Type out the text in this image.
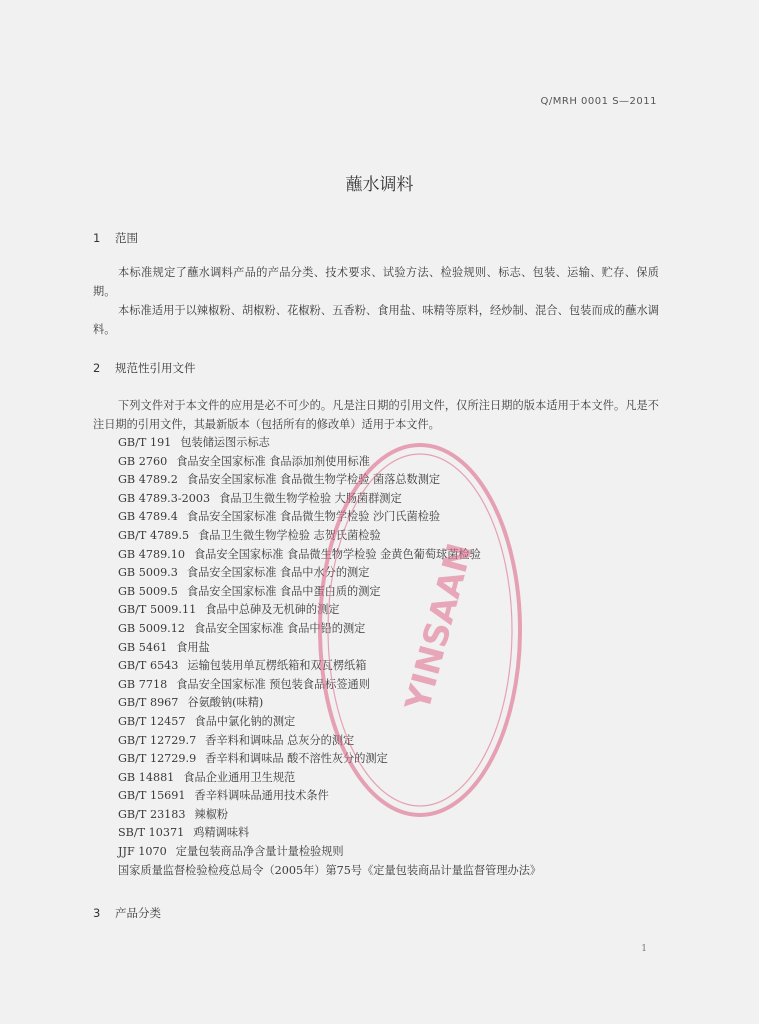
Q/MRH 0001 S—2011
蘸水调料
1 范围
本标准规定了蘸水调料产品的产品分类、技术要求、试验方法、检验规则、标志、包装、运输、贮存、保质期。
本标准适用于以辣椒粉、胡椒粉、花椒粉、五香粉、食用盐、味精等原料，经炒制、混合、包装而成的蘸水调料。
2 规范性引用文件
下列文件对于本文件的应用是必不可少的。凡是注日期的引用文件，仅所注日期的版本适用于本文件。凡是不注日期的引用文件，其最新版本（包括所有的修改单）适用于本文件。
GB/T 191 包装储运图示标志
GB 2760 食品安全国家标准 食品添加剂使用标准
GB 4789.2 食品安全国家标准 食品微生物学检验 菌落总数测定
GB 4789.3-2003 食品卫生微生物学检验 大肠菌群测定
GB 4789.4 食品安全国家标准 食品微生物学检验 沙门氏菌检验
GB/T 4789.5 食品卫生微生物学检验 志贺氏菌检验
GB 4789.10 食品安全国家标准 食品微生物学检验 金黄色葡萄球菌检验
GB 5009.3 食品安全国家标准 食品中水分的测定
GB 5009.5 食品安全国家标准 食品中蛋白质的测定
GB/T 5009.11 食品中总砷及无机砷的测定
GB 5009.12 食品安全国家标准 食品中铅的测定
GB 5461 食用盐
GB/T 6543 运输包装用单瓦楞纸箱和双瓦楞纸箱
GB 7718 食品安全国家标准 预包装食品标签通则
GB/T 8967 谷氨酸钠(味精)
GB/T 12457 食品中氯化钠的测定
GB/T 12729.7 香辛料和调味品 总灰分的测定
GB/T 12729.9 香辛料和调味品 酸不溶性灰分的测定
GB 14881 食品企业通用卫生规范
GB/T 15691 香辛料调味品通用技术条件
GB/T 23183 辣椒粉
SB/T 10371 鸡精调味料
JJF 1070 定量包装商品净含量计量检验规则
国家质量监督检验检疫总局令（2005年）第75号《定量包装商品计量监督管理办法》
3 产品分类
1
YINSAAN
